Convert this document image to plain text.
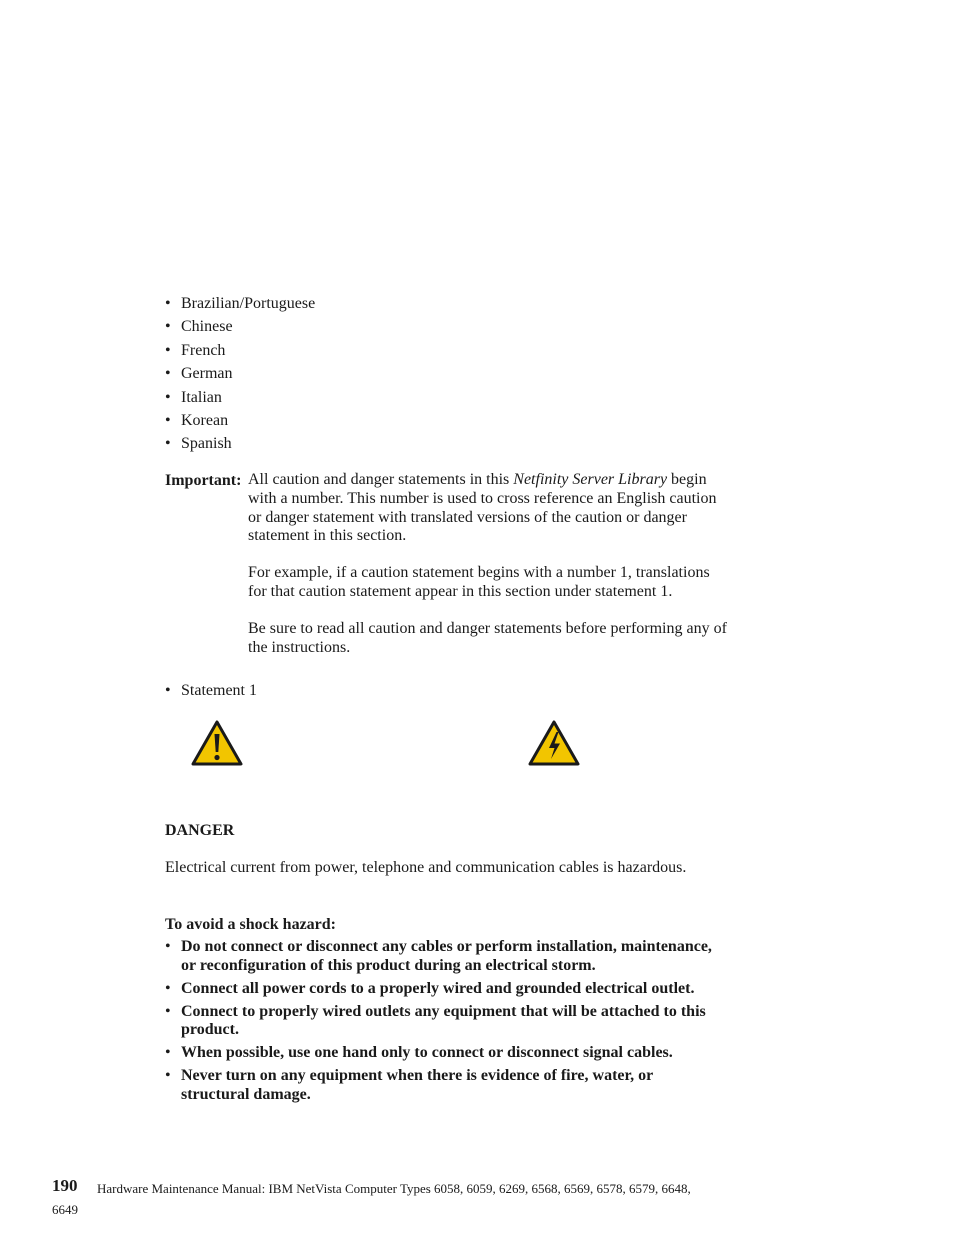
• Brazilian/Portuguese
• Chinese
• French
• German
• Italian
• Korean
• Spanish
Important: All caution and danger statements in this Netfinity Server Library begin with a number. This number is used to cross reference an English caution or danger statement with translated versions of the caution or danger statement in this section.

For example, if a caution statement begins with a number 1, translations for that caution statement appear in this section under statement 1.

Be sure to read all caution and danger statements before performing any of the instructions.

• Statement 1
DANGER

Electrical current from power, telephone and communication cables is hazardous.

To avoid a shock hazard:
• Do not connect or disconnect any cables or perform installation, maintenance, or reconfiguration of this product during an electrical storm.
• Connect all power cords to a properly wired and grounded electrical outlet.
• Connect to properly wired outlets any equipment that will be attached to this product.
• When possible, use one hand only to connect or disconnect signal cables.
• Never turn on any equipment when there is evidence of fire, water, or structural damage.
190 Hardware Maintenance Manual: IBM NetVista Computer Types 6058, 6059, 6269, 6568, 6569, 6578, 6579, 6648,
6649
